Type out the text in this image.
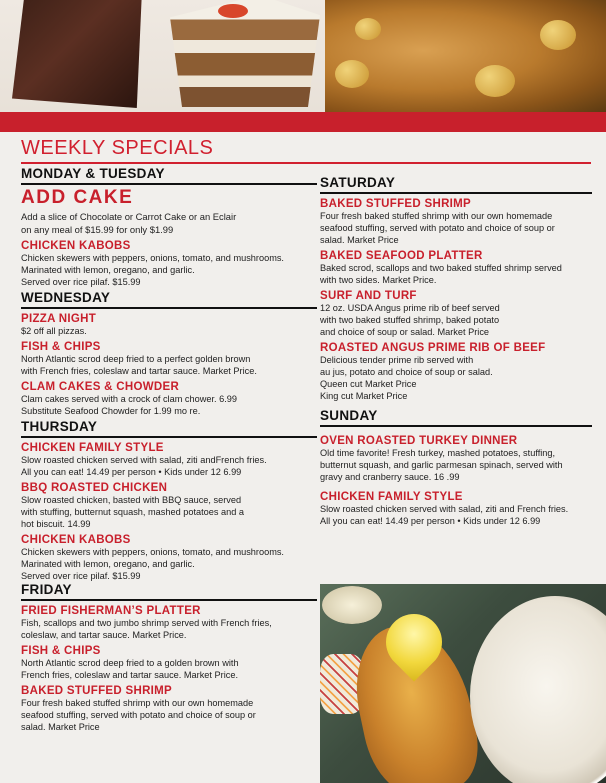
WEEKLY SPECIALS
MONDAY & TUESDAY
ADD CAKE

Add a slice of Chocolate or Carrot Cake or an Eclair

on any meal of $15.99 for only $1.99

CHICKEN KABOBS

Chicken skewers with peppers, onions, tomato, and mushrooms.

Marinated with lemon, oregano, and garlic.

Served over rice pilaf. $15.99

WEDNESDAY
PIZZA NIGHT

$2 off all pizzas.

FISH & CHIPS

North Atlantic scrod deep fried to a perfect golden brown

with French fries, coleslaw and tartar sauce. Market Price.

CLAM CAKES & CHOWDER

Clam cakes served with a crock of clam chower. 6.99

Substitute Seafood Chowder for 1.99 mo re.

THURSDAY
CHICKEN FAMILY STYLE

Slow roasted chicken served with salad, ziti andFrench fries.

All you can eat! 14.49 per person • Kids under 12 6.99

BBQ ROASTED CHICKEN

Slow roasted chicken, basted with BBQ sauce, served

with stuffing, butternut squash, mashed potatoes and a

hot biscuit. 14.99

CHICKEN KABOBS

Chicken skewers with peppers, onions, tomato, and mushrooms.

Marinated with lemon, oregano, and garlic.

Served over rice pilaf. $15.99

FRIDAY
FRIED FISHERMAN’S PLATTER

Fish, scallops and two jumbo shrimp served with French fries,

coleslaw, and tartar sauce. Market Price.

FISH & CHIPS

North Atlantic scrod deep fried to a golden brown with

French fries, coleslaw and tartar sauce. Market Price.

BAKED STUFFED SHRIMP

Four fresh baked stuffed shrimp with our own homemade

seafood stuffing, served with potato and choice of soup or

salad. Market Price

SATURDAY
BAKED STUFFED SHRIMP

Four fresh baked stuffed shrimp with our own homemade

seafood stuffing, served with potato and choice of soup or

salad. Market Price

BAKED SEAFOOD PLATTER

Baked scrod, scallops and two baked stuffed shrimp served

with two sides. Market Price.

SURF AND TURF

12 oz. USDA Angus prime rib of beef served

with two baked stuffed shrimp, baked potato

and choice of soup or salad. Market Price

ROASTED ANGUS PRIME RIB OF BEEF

Delicious tender prime rib served with

au jus, potato and choice of soup or salad.

Queen cut Market Price

King cut Market Price

SUNDAY
OVEN ROASTED TURKEY DINNER

Old time favorite! Fresh turkey, mashed potatoes, stuffing,

butternut squash, and garlic parmesan spinach, served with

gravy and cranberry sauce. 16 .99

CHICKEN FAMILY STYLE

Slow roasted chicken served with salad, ziti and French fries.

All you can eat! 14.49 per person • Kids under 12 6.99
